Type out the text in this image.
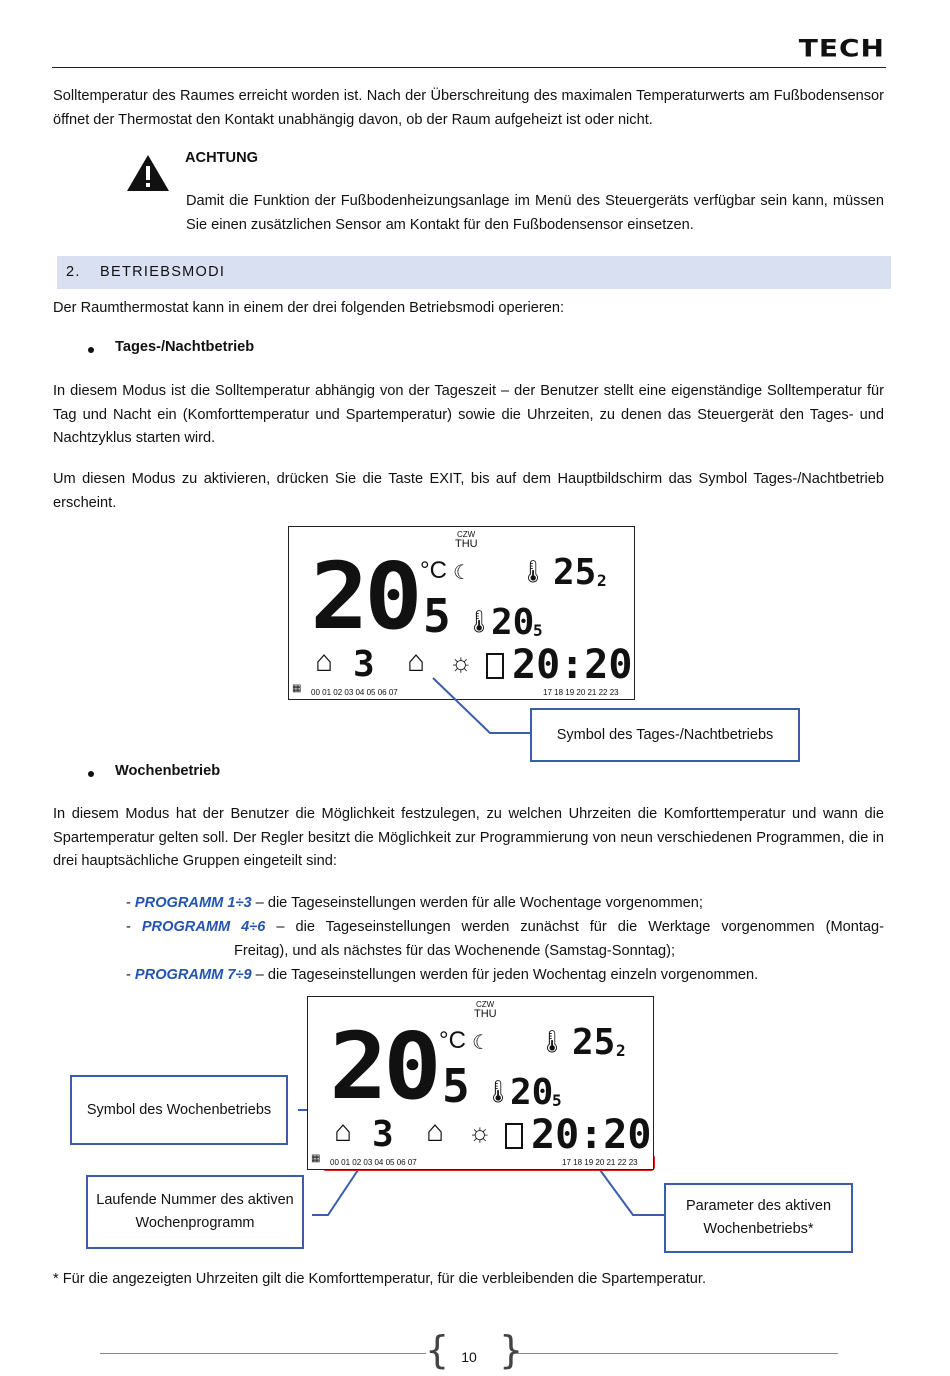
TECH
Solltemperatur des Raumes erreicht worden ist. Nach der Überschreitung des maximalen Temperaturwerts am Fußbodensensor öffnet der Thermostat den Kontakt unabhängig davon, ob der Raum aufgeheizt ist oder nicht.
ACHTUNG
Damit die Funktion der Fußbodenheizungsanlage im Menü des Steuergeräts verfügbar sein kann, müssen Sie einen zusätzlichen Sensor am Kontakt für den Fußbodensensor einsetzen.
2. BETRIEBSMODI
Der Raumthermostat kann in einem der drei folgenden Betriebsmodi operieren:
Tages-/Nachtbetrieb
In diesem Modus ist die Solltemperatur abhängig von der Tageszeit – der Benutzer stellt eine eigenständige Solltemperatur für Tag und Nacht ein (Komforttemperatur und Spartemperatur) sowie die Uhrzeiten, zu denen das Steuergerät den Tages- und Nachtzyklus starten wird.
Um diesen Modus zu aktivieren, drücken Sie die Taste EXIT, bis auf dem Hauptbildschirm das Symbol Tages-/Nachtbetrieb erscheint.
CZW
THU
20 5
°C ☾ 🌡 25 2
🌡
20
5
⌂ 3 ⌂ ☼ 20:20
▦ 00 01 02 03 04 05 06 07	17 18 19 20 21 22 23
Symbol des Tages-/Nachtbetriebs
Wochenbetrieb
In diesem Modus hat der Benutzer die Möglichkeit festzulegen, zu welchen Uhrzeiten die Komforttemperatur und wann die Spartemperatur gelten soll. Der Regler besitzt die Möglichkeit zur Programmierung von neun verschiedenen Programmen, die in drei hauptsächliche Gruppen eingeteilt sind:
- PROGRAMM 1÷3 – die Tageseinstellungen werden für alle Wochentage vorgenommen;
- PROGRAMM 4÷6 – die Tageseinstellungen werden zunächst für die Werktage vorgenommen (Montag-
Freitag), und als nächstes für das Wochenende (Samstag-Sonntag);
- PROGRAMM 7÷9 – die Tageseinstellungen werden für jeden Wochentag einzeln vorgenommen.
CZW
THU
20 5
°C ☾ 🌡 25 2
🌡
20
5
⌂ 3 ⌂ ☼ 20:20
▦ 00 01 02 03 04 05 06 07	17 18 19 20 21 22 23
Symbol des Wochenbetriebs
Laufende Nummer des aktiven Wochenprogramm
Parameter des aktiven Wochenbetriebs*
* Für die angezeigten Uhrzeiten gilt die Komforttemperatur, für die verbleibenden die Spartemperatur.
{ }
10
